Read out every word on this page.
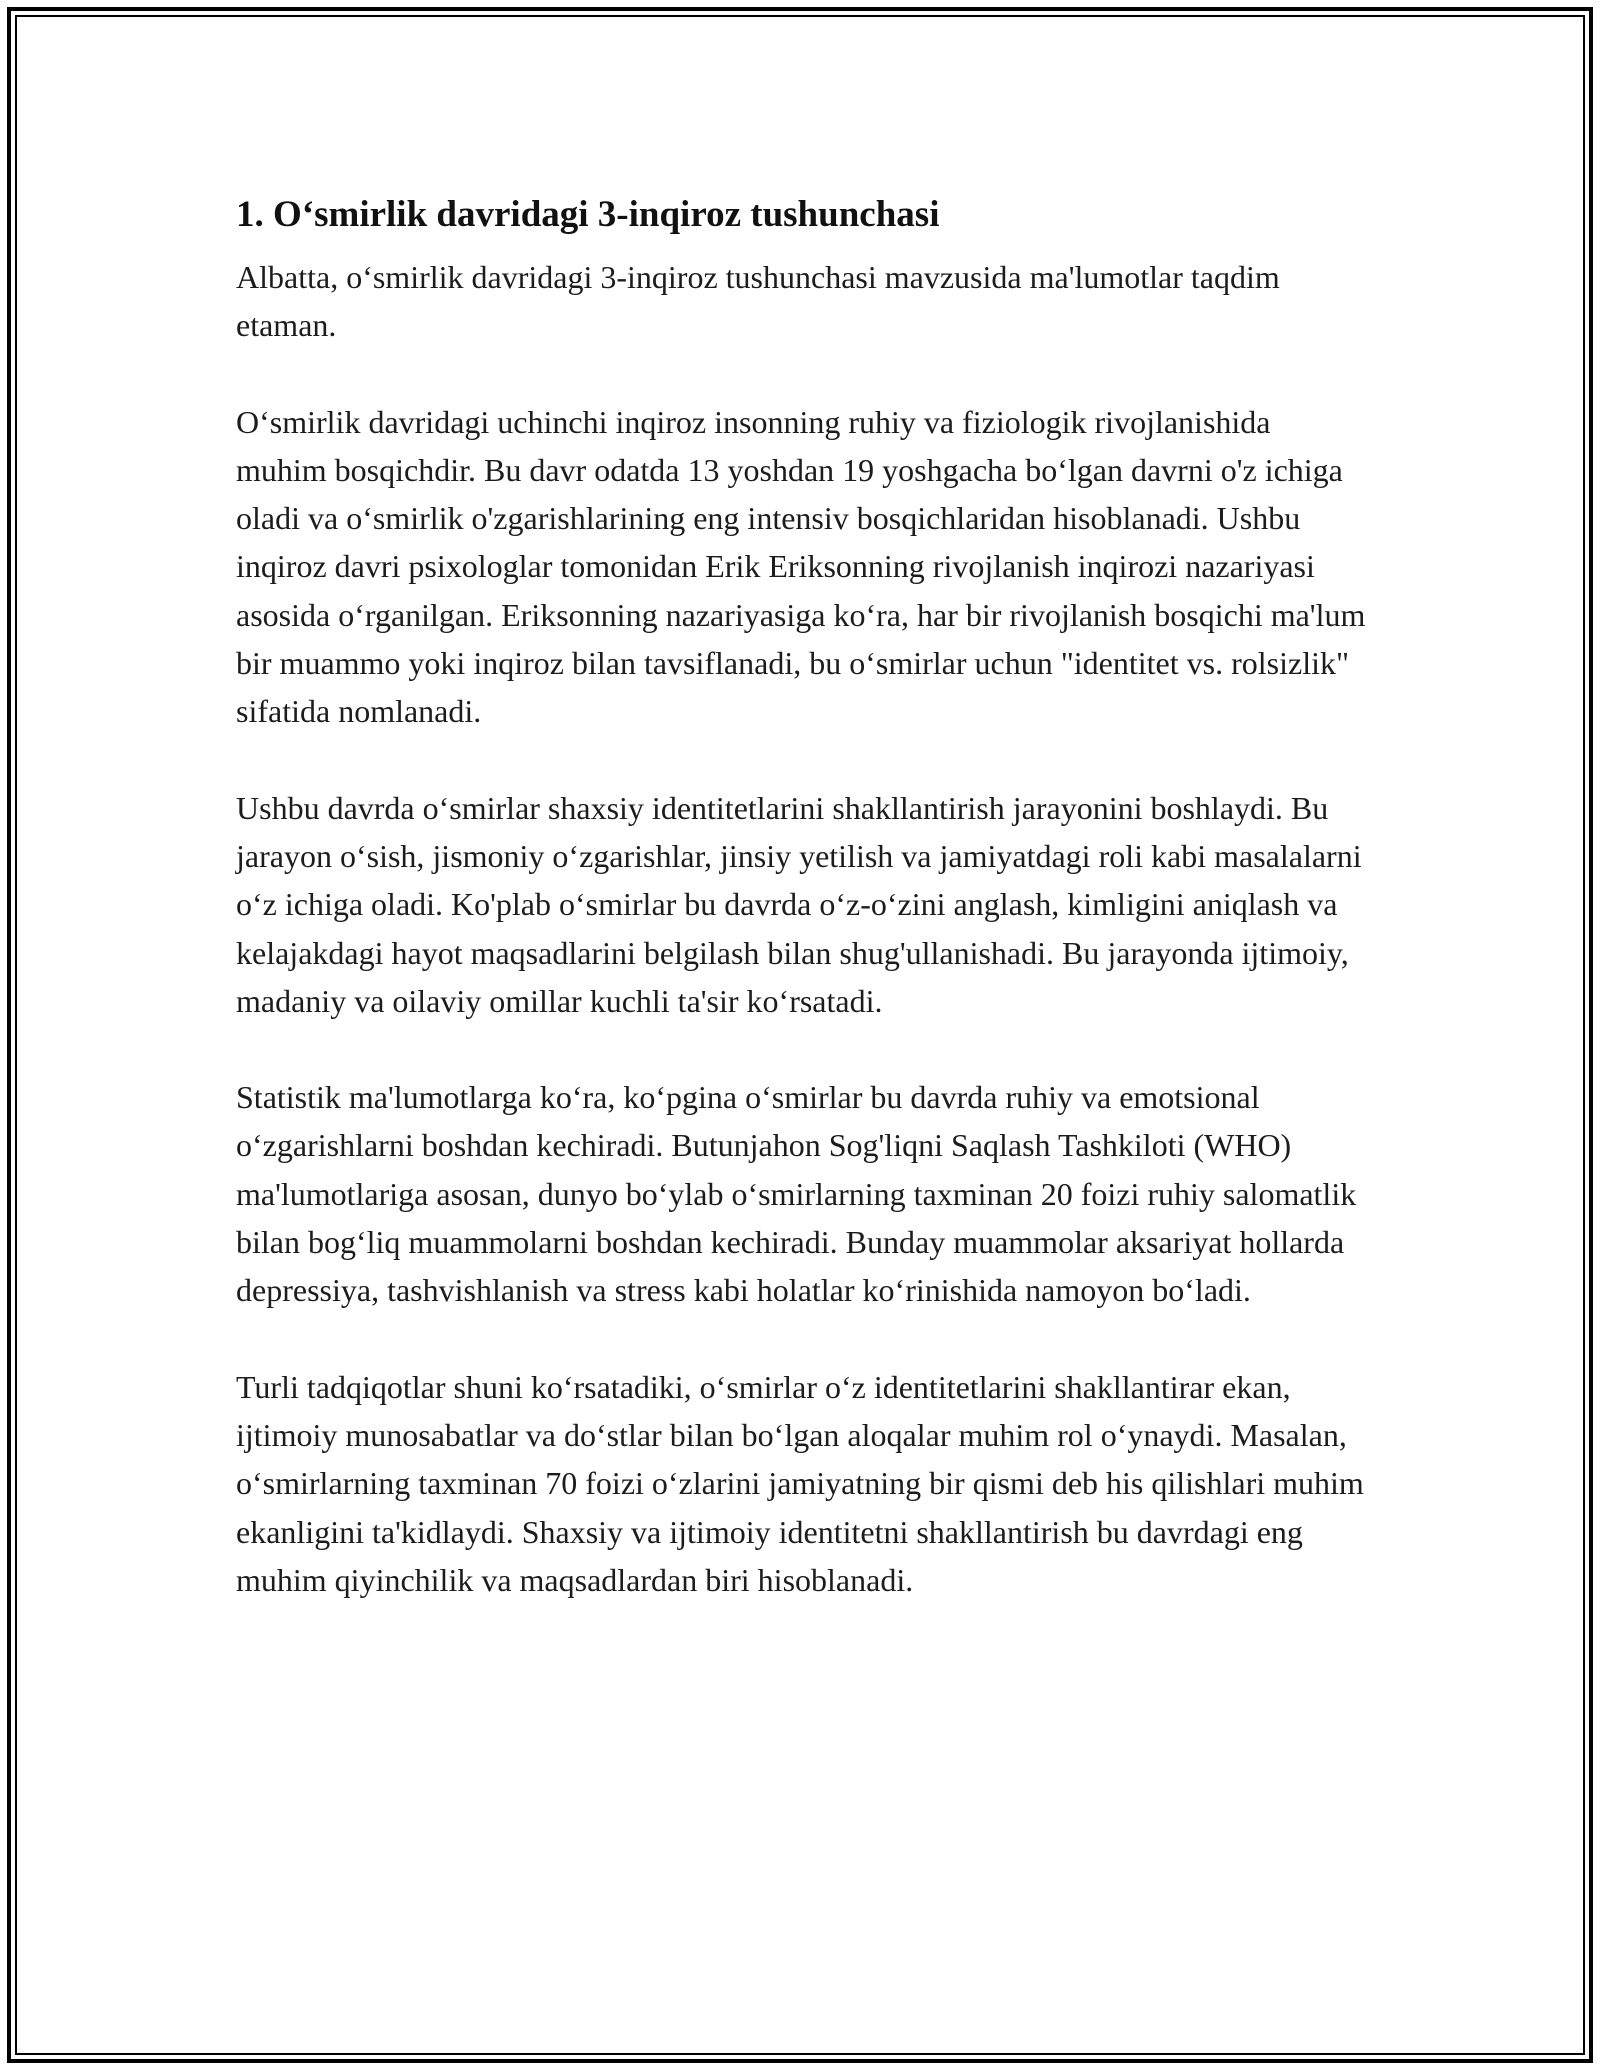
1. O‘smirlik davridagi 3-inqiroz tushunchasi

Albatta, o‘smirlik davridagi 3-inqiroz tushunchasi mavzusida ma'lumotlar taqdim etaman.

O‘smirlik davridagi uchinchi inqiroz insonning ruhiy va fiziologik rivojlanishida muhim bosqichdir. Bu davr odatda 13 yoshdan 19 yoshgacha bo‘lgan davrni o'z ichiga oladi va o‘smirlik o'zgarishlarining eng intensiv bosqichlaridan hisoblanadi. Ushbu inqiroz davri psixologlar tomonidan Erik Eriksonning rivojlanish inqirozi nazariyasi asosida o‘rganilgan. Eriksonning nazariyasiga ko‘ra, har bir rivojlanish bosqichi ma'lum bir muammo yoki inqiroz bilan tavsiflanadi, bu o‘smirlar uchun "identitet vs. rolsizlik" sifatida nomlanadi.

Ushbu davrda o‘smirlar shaxsiy identitetlarini shakllantirish jarayonini boshlaydi. Bu jarayon o‘sish, jismoniy o‘zgarishlar, jinsiy yetilish va jamiyatdagi roli kabi masalalarni o‘z ichiga oladi. Ko'plab o‘smirlar bu davrda o‘z-o‘zini anglash, kimligini aniqlash va kelajakdagi hayot maqsadlarini belgilash bilan shug'ullanishadi. Bu jarayonda ijtimoiy, madaniy va oilaviy omillar kuchli ta'sir ko‘rsatadi.

Statistik ma'lumotlarga ko‘ra, ko‘pgina o‘smirlar bu davrda ruhiy va emotsional o‘zgarishlarni boshdan kechiradi. Butunjahon Sog'liqni Saqlash Tashkiloti (WHO) ma'lumotlariga asosan, dunyo bo‘ylab o‘smirlarning taxminan 20 foizi ruhiy salomatlik bilan bog‘liq muammolarni boshdan kechiradi. Bunday muammolar aksariyat hollarda depressiya, tashvishlanish va stress kabi holatlar ko‘rinishida namoyon bo‘ladi.

Turli tadqiqotlar shuni ko‘rsatadiki, o‘smirlar o‘z identitetlarini shakllantirar ekan, ijtimoiy munosabatlar va do‘stlar bilan bo‘lgan aloqalar muhim rol o‘ynaydi. Masalan, o‘smirlarning taxminan 70 foizi o‘zlarini jamiyatning bir qismi deb his qilishlari muhim ekanligini ta'kidlaydi. Shaxsiy va ijtimoiy identitetni shakllantirish bu davrdagi eng muhim qiyinchilik va maqsadlardan biri hisoblanadi.
